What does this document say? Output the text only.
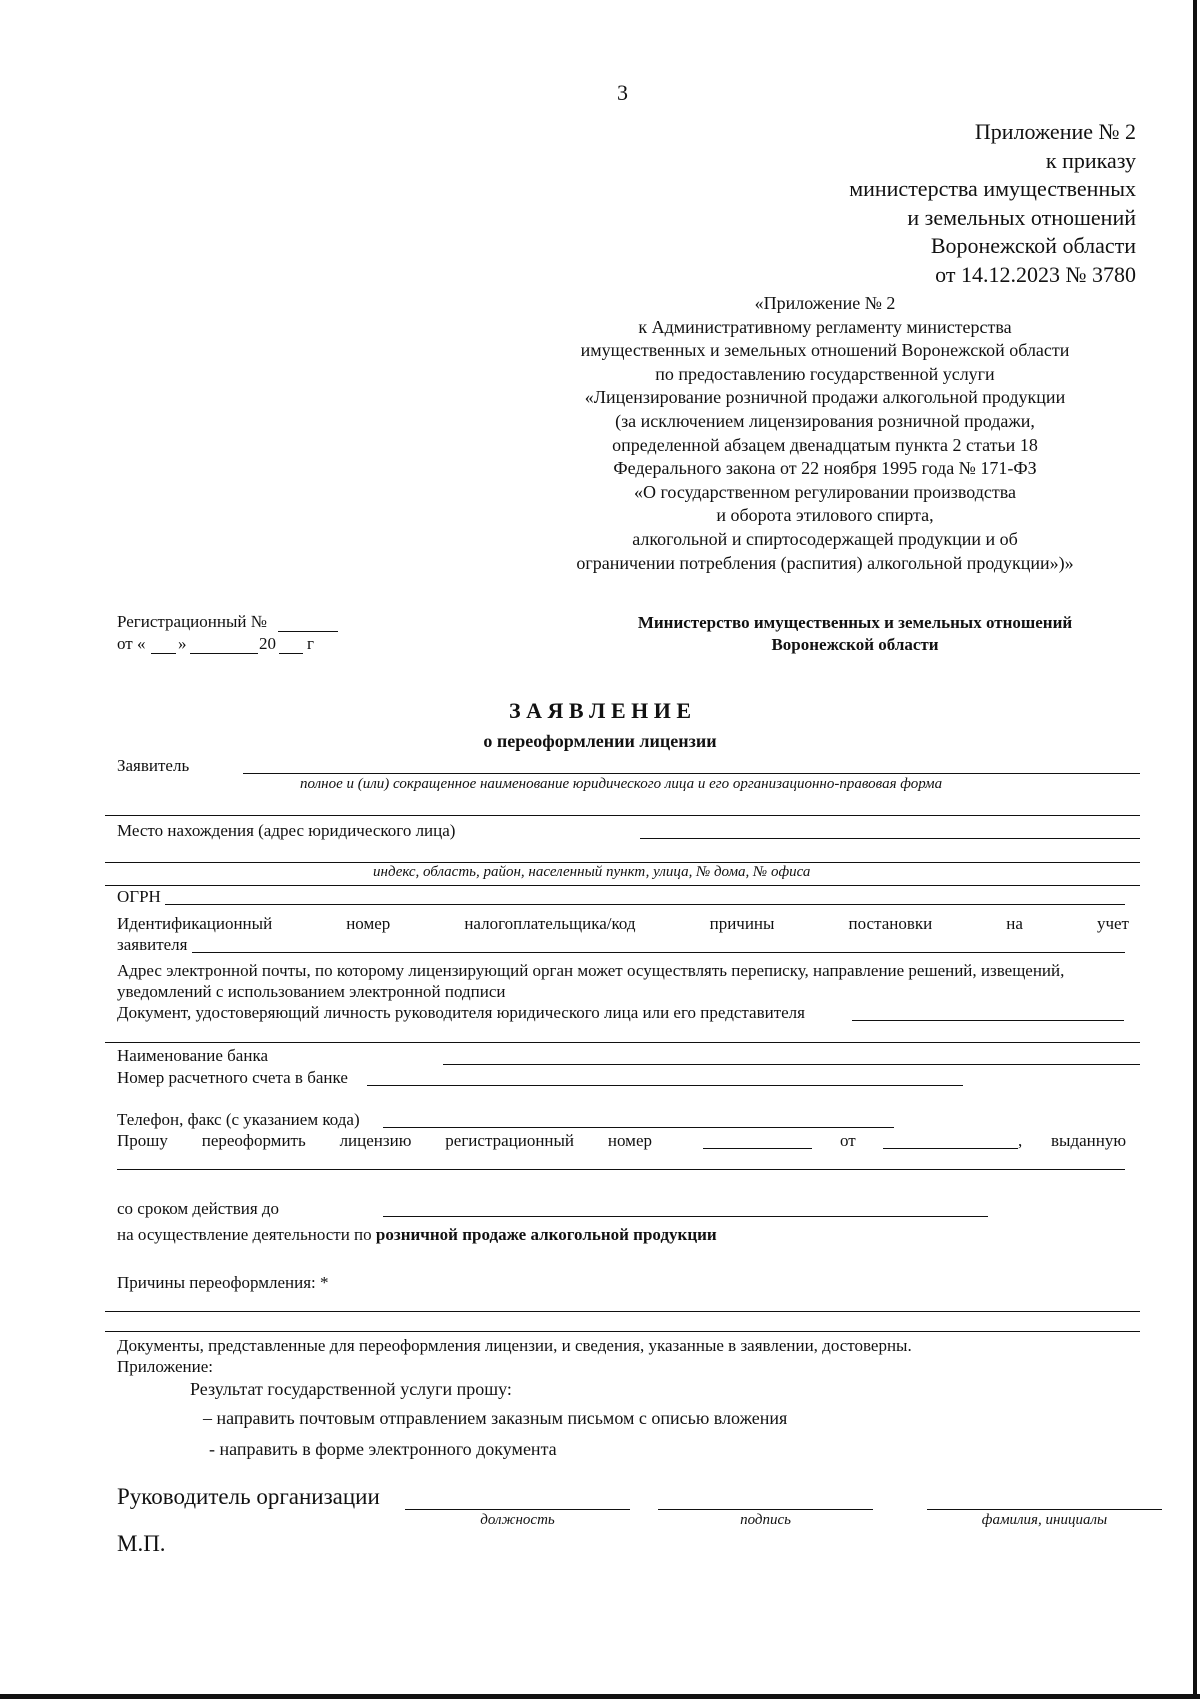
3
Приложение № 2
к приказу
министерства имущественных
и земельных отношений
Воронежской области
от 14.12.2023 № 3780
«Приложение № 2
к Административному регламенту министерства
имущественных и земельных отношений Воронежской области
по предоставлению государственной услуги
«Лицензирование розничной продажи алкогольной продукции
(за исключением лицензирования розничной продажи,
определенной абзацем двенадцатым пункта 2 статьи 18
Федерального закона от 22 ноября 1995 года № 171-ФЗ
«О государственном регулировании производства
и оборота этилового спирта,
алкогольной и спиртосодержащей продукции и об
ограничении потребления (распития) алкогольной продукции»)»
Регистрационный №
от « »	20 г
Министерство имущественных и земельных отношений
Воронежской области
З А Я В Л Е Н И Е
о переоформлении лицензии
Заявитель
полное и (или) сокращенное наименование юридического лица и его организационно-правовая форма
Место нахождения (адрес юридического лица)
индекс, область, район, населенный пункт, улица, № дома, № офиса
ОГРН
Идентификационный	номер	налогоплательщика/код	причины	постановки	на	учет
заявителя
Адрес электронной почты, по которому лицензирующий орган может осуществлять переписку, направление решений, извещений,
уведомлений с использованием электронной подписи
Документ, удостоверяющий личность руководителя юридического лица или его представителя
Наименование банка
Номер расчетного счета в банке
Телефон, факс (с указанием кода)
Прошу переоформить лицензию регистрационный номер	от	, выданную
со сроком действия до
на осуществление деятельности по розничной продаже алкогольной продукции
Причины переоформления: *
Документы, представленные для переоформления лицензии, и сведения, указанные в заявлении, достоверны.
Приложение:
Результат государственной услуги прошу:
– направить почтовым отправлением заказным письмом с описью вложения
- направить в форме электронного документа
Руководитель организации
должность	подпись	фамилия, инициалы
М.П.
